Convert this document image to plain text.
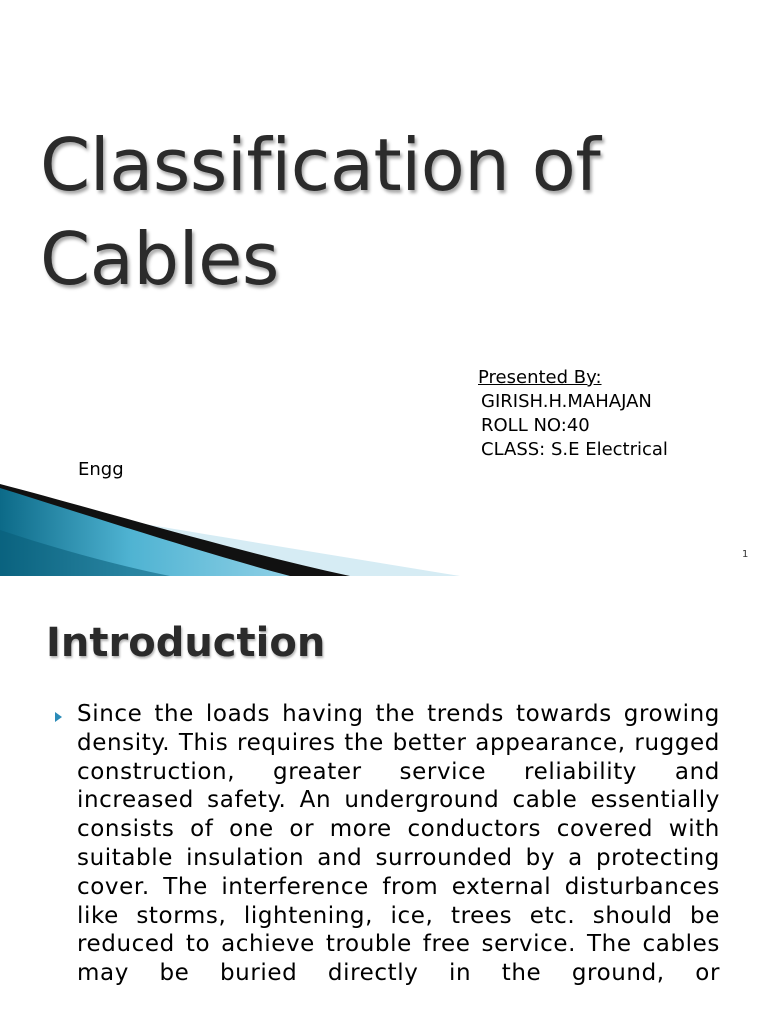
Classification of
Cables
Presented By:
GIRISH.H.MAHAJAN
ROLL NO:40
CLASS: S.E Electrical
Engg
1
Introduction
Since the loads having the trends towards growing density. This requires the better appearance, rugged construction, greater service reliability and increased safety. An underground cable essentially consists of one or more conductors covered with suitable insulation and surrounded by a protecting cover. The interference from external disturbances like storms, lightening, ice, trees etc. should be reduced to achieve trouble free service. The cables may be buried directly in the ground, or
